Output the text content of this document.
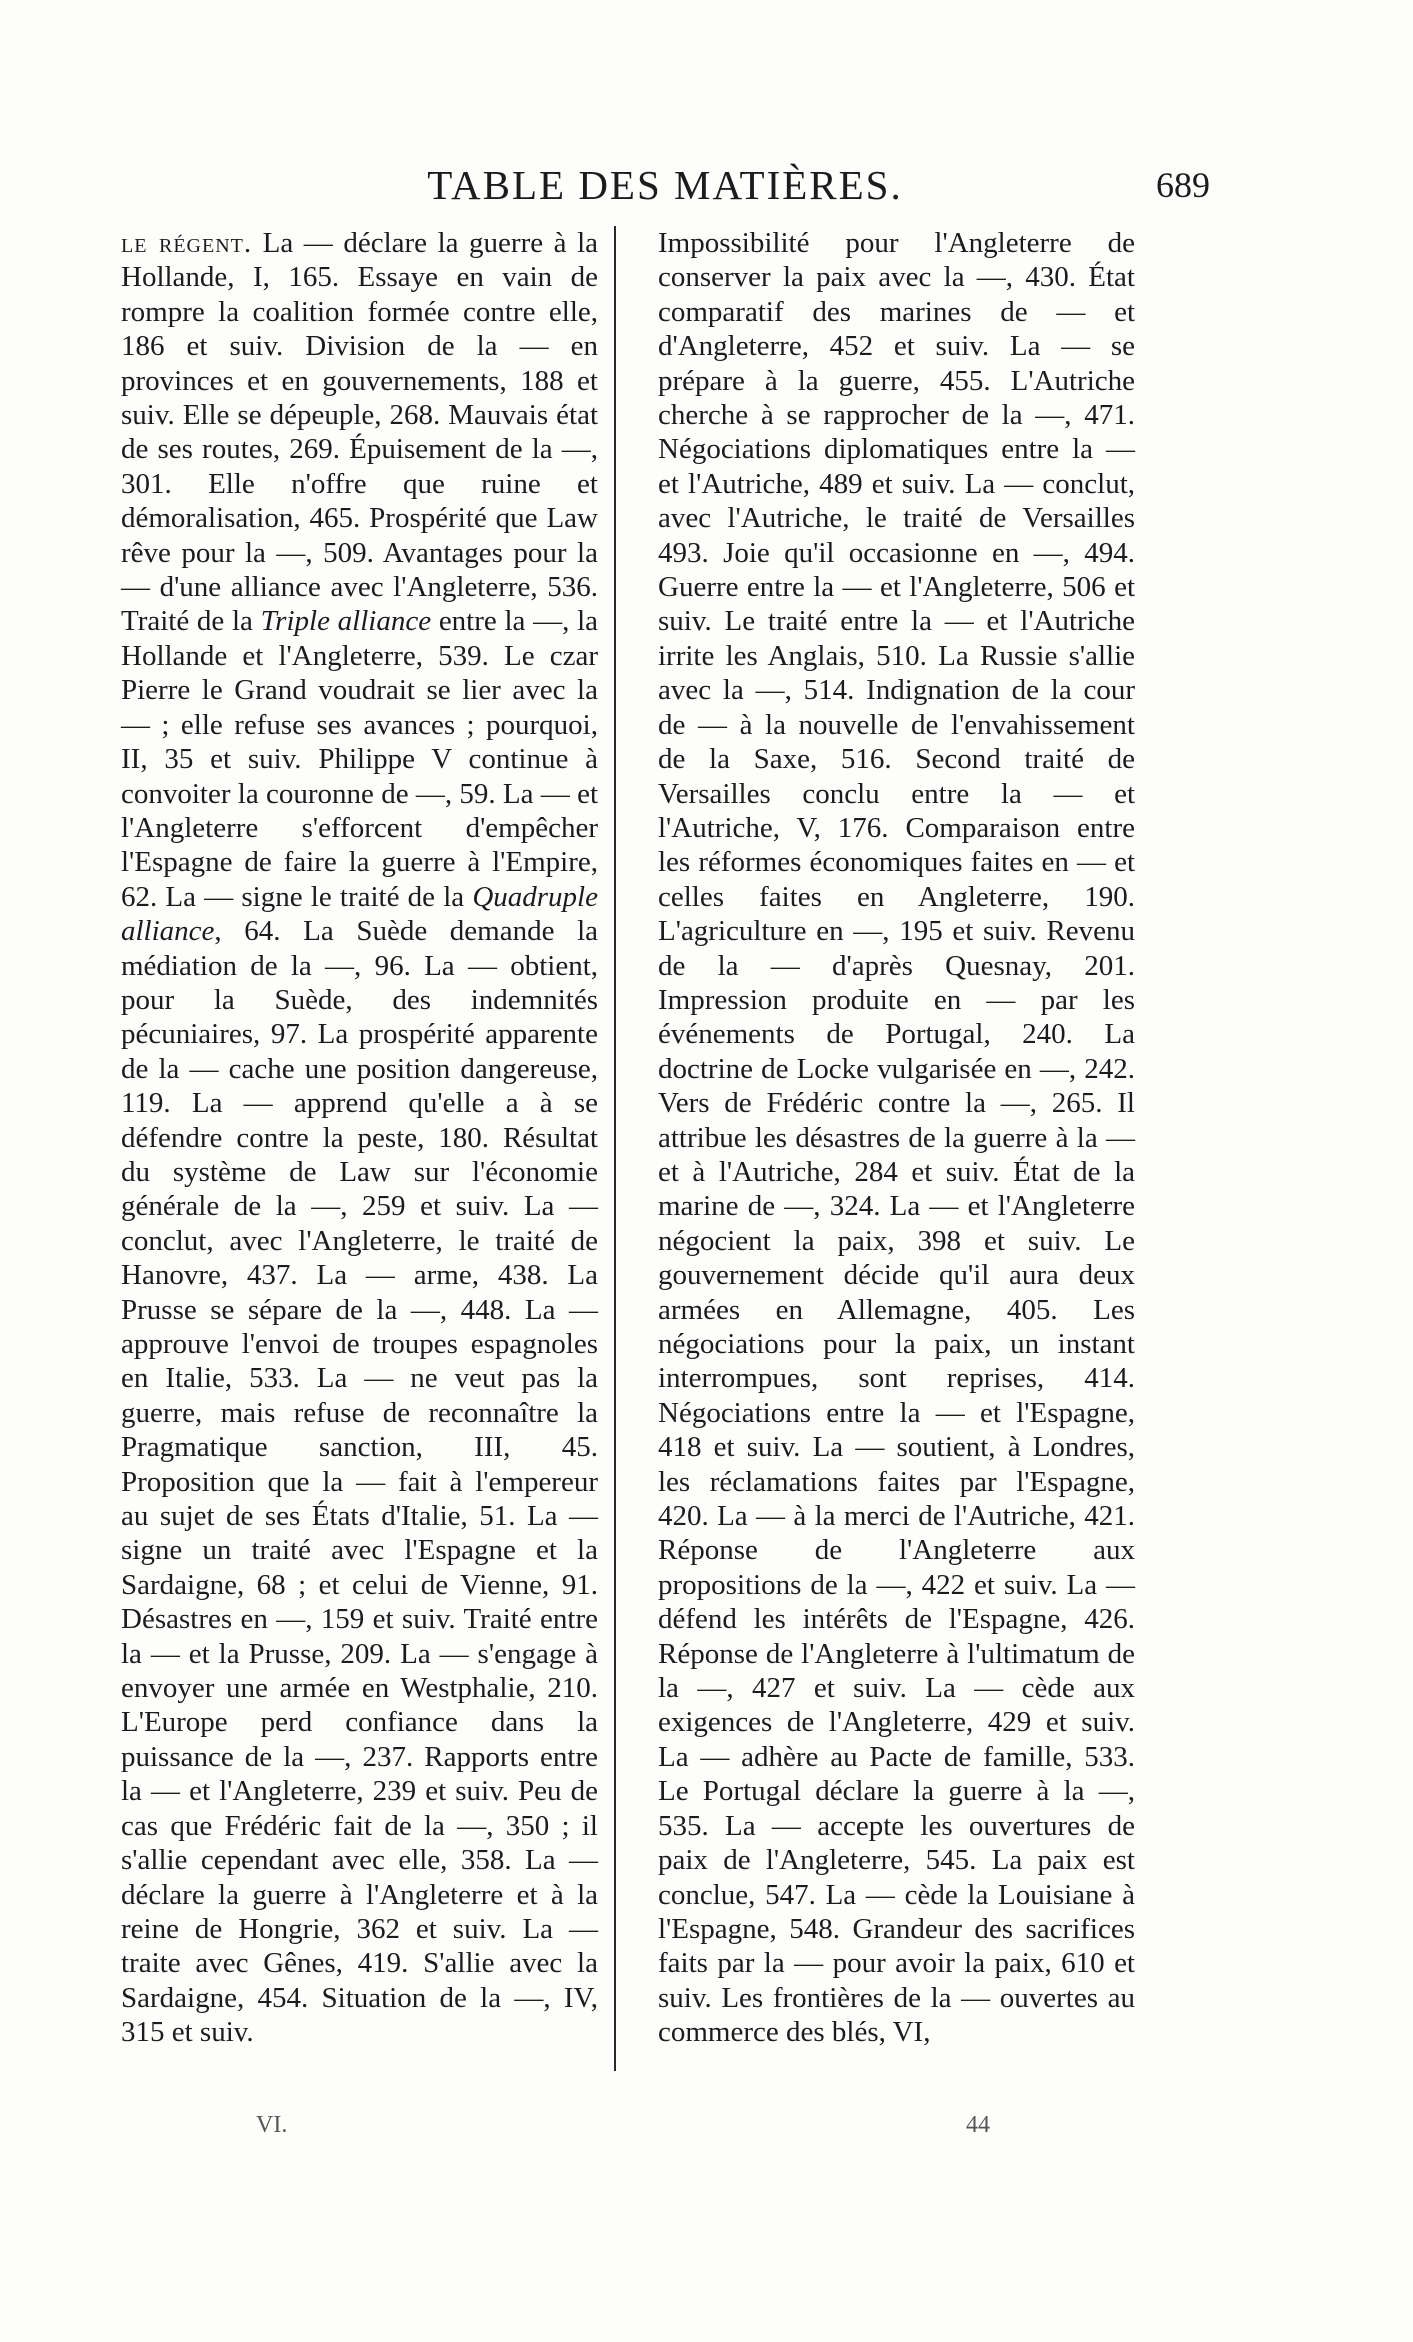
TABLE DES MATIÈRES.	689

le régent. La — déclare la guerre à la Hollande, I, 165. Essaye en vain de rompre la coalition formée contre elle, 186 et suiv. Division de la — en provinces et en gouvernements, 188 et suiv. Elle se dépeuple, 268. Mauvais état de ses routes, 269. Épuisement de la —, 301. Elle n'offre que ruine et démoralisation, 465. Prospérité que Law rêve pour la —, 509. Avantages pour la — d'une alliance avec l'Angleterre, 536. Traité de la Triple alliance entre la —, la Hollande et l'Angleterre, 539. Le czar Pierre le Grand voudrait se lier avec la — ; elle refuse ses avances ; pourquoi, II, 35 et suiv. Philippe V continue à convoiter la couronne de —, 59. La — et l'Angleterre s'efforcent d'empêcher l'Espagne de faire la guerre à l'Empire, 62. La — signe le traité de la Quadruple alliance, 64. La Suède demande la médiation de la —, 96. La — obtient, pour la Suède, des indemnités pécuniaires, 97. La prospérité apparente de la — cache une position dangereuse, 119. La — apprend qu'elle a à se défendre contre la peste, 180. Résultat du système de Law sur l'économie générale de la —, 259 et suiv. La — conclut, avec l'Angleterre, le traité de Hanovre, 437. La — arme, 438. La Prusse se sépare de la —, 448. La — approuve l'envoi de troupes espagnoles en Italie, 533. La — ne veut pas la guerre, mais refuse de reconnaître la Pragmatique sanction, III, 45. Proposition que la — fait à l'empereur au sujet de ses États d'Italie, 51. La — signe un traité avec l'Espagne et la Sardaigne, 68 ; et celui de Vienne, 91. Désastres en —, 159 et suiv. Traité entre la — et la Prusse, 209. La — s'engage à envoyer une armée en Westphalie, 210. L'Europe perd confiance dans la puissance de la —, 237. Rapports entre la — et l'Angleterre, 239 et suiv. Peu de cas que Frédéric fait de la —, 350 ; il s'allie cependant avec elle, 358. La — déclare la guerre à l'Angleterre et à la reine de Hongrie, 362 et suiv. La — traite avec Gênes, 419. S'allie avec la Sardaigne, 454. Situation de la —, IV, 315 et suiv.

Impossibilité pour l'Angleterre de conserver la paix avec la —, 430. État comparatif des marines de — et d'Angleterre, 452 et suiv. La — se prépare à la guerre, 455. L'Autriche cherche à se rapprocher de la —, 471. Négociations diplomatiques entre la — et l'Autriche, 489 et suiv. La — conclut, avec l'Autriche, le traité de Versailles 493. Joie qu'il occasionne en —, 494. Guerre entre la — et l'Angleterre, 506 et suiv. Le traité entre la — et l'Autriche irrite les Anglais, 510. La Russie s'allie avec la —, 514. Indignation de la cour de — à la nouvelle de l'envahissement de la Saxe, 516. Second traité de Versailles conclu entre la — et l'Autriche, V, 176. Comparaison entre les réformes économiques faites en — et celles faites en Angleterre, 190. L'agriculture en —, 195 et suiv. Revenu de la — d'après Quesnay, 201. Impression produite en — par les événements de Portugal, 240. La doctrine de Locke vulgarisée en —, 242. Vers de Frédéric contre la —, 265. Il attribue les désastres de la guerre à la — et à l'Autriche, 284 et suiv. État de la marine de —, 324. La — et l'Angleterre négocient la paix, 398 et suiv. Le gouvernement décide qu'il aura deux armées en Allemagne, 405. Les négociations pour la paix, un instant interrompues, sont reprises, 414. Négociations entre la — et l'Espagne, 418 et suiv. La — soutient, à Londres, les réclamations faites par l'Espagne, 420. La — à la merci de l'Autriche, 421. Réponse de l'Angleterre aux propositions de la —, 422 et suiv. La — défend les intérêts de l'Espagne, 426. Réponse de l'Angleterre à l'ultimatum de la —, 427 et suiv. La — cède aux exigences de l'Angleterre, 429 et suiv. La — adhère au Pacte de famille, 533. Le Portugal déclare la guerre à la —, 535. La — accepte les ouvertures de paix de l'Angleterre, 545. La paix est conclue, 547. La — cède la Louisiane à l'Espagne, 548. Grandeur des sacrifices faits par la — pour avoir la paix, 610 et suiv. Les frontières de la — ouvertes au commerce des blés, VI,

VI.	44
